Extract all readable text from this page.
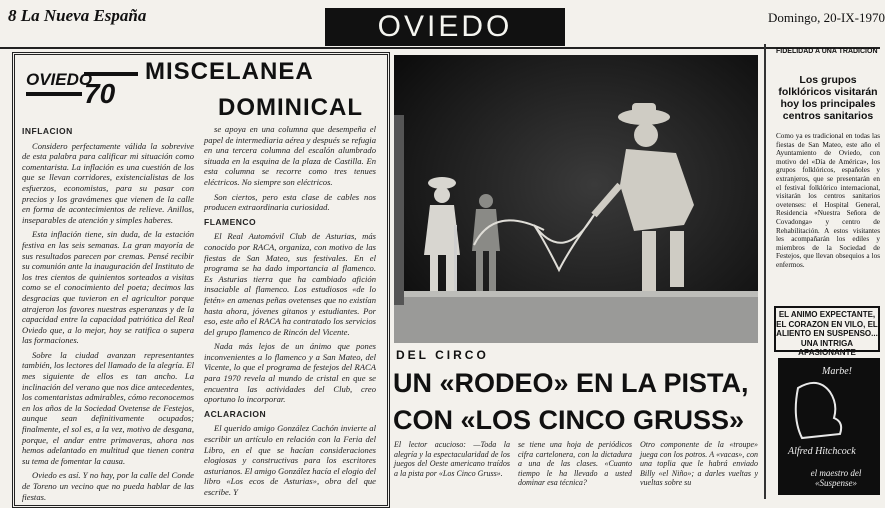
8 La Nueva España	OVIEDO	Domingo, 20-IX-1970
OVIEDO
70
MISCELANEA
DOMINICAL

INFLACION

Considero perfectamente válida la sobrevive de esta palabra para calificar mi situación como comentarista. La inflación es una cuestión de los que se llevan corridores, existencialistas de los esfuerzos, economistas, para su pasar con precios y los gravámenes que vienen de la calle en forma de acontecimientos de relieve. Anillos, inseparables de atención y simples haberes.

Esta inflación tiene, sin duda, de la estación festiva en las seis semanas. La gran mayoría de sus resultados parecen por cremas. Pensé recibir su comunión ante la inauguración del Instituto de los tres cientos de quinientos sorteados a visitas como se el conocimiento del poeta; decimos las desgracias que tuvieron en el agricultor porque atrajeron los favores nuestras esperanzas y de la capacidad entre la capacidad patriótica del Real Oviedo que, a lo mejor, hoy se ratifica o supera las formaciones.

Sobre la ciudad avanzan representantes también, los lectores del llamado de la alegría. El mes siguiente de ellos es tan ancho. La inclinación del verano que nos dice antecedentes, los comentaristas admirables, cómo reconocemos en los años de la Sociedad Ovetense de Festejos, aunque sean definitivamente ocupados; finalmente, el sol es, a la vez, motivo de desgana, porque, el andar entre primaveras, ahora nos hemos adelantado en multitud que tienen contra su tema de fomentar la causa.

Oviedo es así. Y no hay, por la calle del Conde de Toreno un vecino que no pueda hablar de las fiestas.

se apoya en una columna que desempeña el papel de intermediaria aérea y después se refugia en una tercera columna del escalón alumbrado situada en la esquina de la plaza de Castilla. En esta columna se recorre como tres tenues eléctricos. No siempre son eléctricos.

Son ciertos, pero esta clase de cables nos producen extraordinaria curiosidad.

FLAMENCO

El Real Automóvil Club de Asturias, más conocido por RACA, organiza, con motivo de las fiestas de San Mateo, sus festivales. En el programa se ha dado importancia al flamenco. Es Asturias tierra que ha cambiado afición insaciable al flamenco. Los estudiosos «de lo fetén» en amenas peñas ovetenses que no existían hasta ahora, jóvenes gitanos y estudiantes. Por eso, este año el RACA ha contratado los servicios del grupo flamenco de Rincón del Vicente.

Nada más lejos de un ánimo que pones inconvenientes a lo flamenco y a San Mateo, del Vicente, lo que el programa de festejos del RACA para 1970 revela al mundo de cristal en que se encuentra las actividades del Club, creo oportuno lo incorporar.

ACLARACION

El querido amigo González Cachón invierte al escribir un artículo en relación con la Feria del Libro, en el que se hacían consideraciones elogiosas y constructivas para los escritores asturianos. El amigo González hacía el elogio del libro «Los ecos de Asturias», obra del que escribe. Y

DEL CIRCO
UN «RODEO» EN LA PISTA,
CON «LOS CINCO GRUSS»
El lector acucioso: —Toda la alegría y la espectacularidad de los juegos del Oeste americano traídos a la pista por «Los Cinco Gruss».
se tiene una hoja de periódicos cifra cartelonera, con la dictadura a una de las clases. «Cuanto tiempo le ha llevado a usted dominar esa técnica?
Otro componente de la «troupe» juega con los potros. A «vacas», con una toplia que le habrá enviado Billy «el Niño»; a darles vueltas y vueltas sobre su
FIDELIDAD A UNA TRADICION
Los grupos folklóricos visitarán hoy los principales centros sanitarios
Como ya es tradicional en todas las fiestas de San Mateo, este año el Ayuntamiento de Oviedo, con motivo del «Día de América», los grupos folklóricos, españoles y extranjeros, que se presentarán en el festival folklórico internacional, visitarán los centros sanitarios ovetenses: el Hospital General, Residencia «Nuestra Señora de Covadonga» y centro de Rehabilitación. A estos visitantes les acompañarán los ediles y miembros de la Sociedad de Festejos, que llevan obsequios a los enfermos.
EL ANIMO EXPECTANTE, EL CORAZON EN VILO, EL ALIENTO EN SUSPENSO... UNA INTRIGA APASIONANTE
Marbe!
Alfred Hitchcock
el maestro del «Suspense»
